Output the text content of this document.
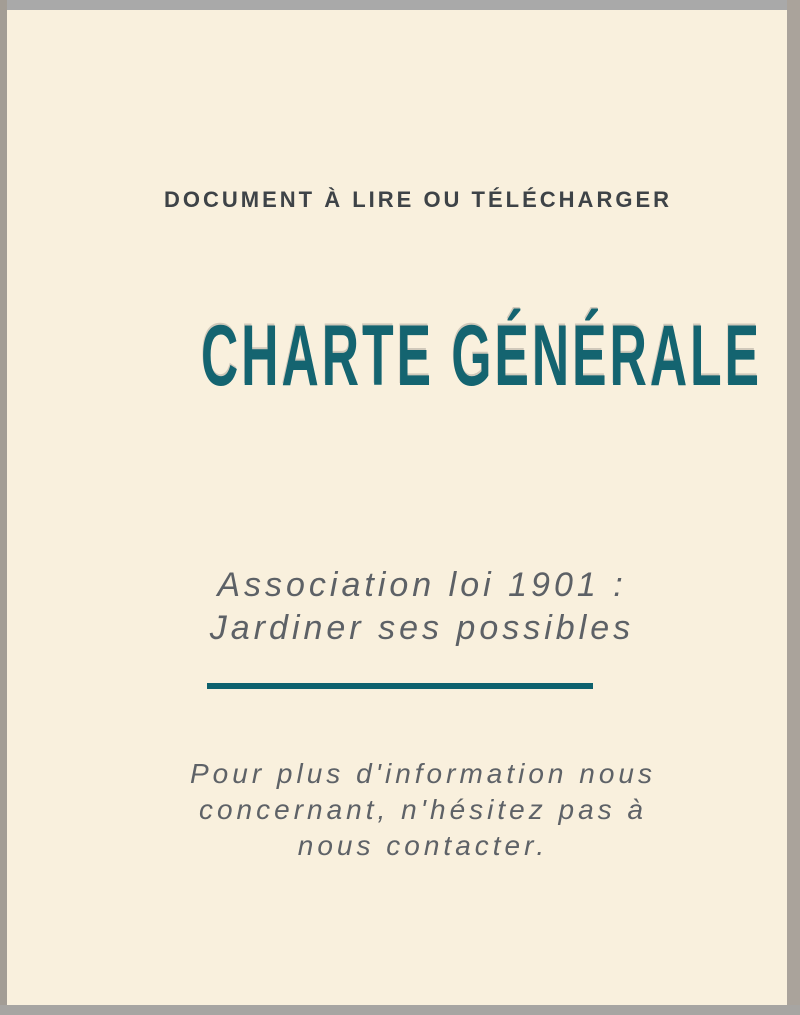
DOCUMENT À LIRE OU TÉLÉCHARGER
CHARTE GÉNÉRALE
Association loi 1901 :
Jardiner ses possibles
Pour plus d'information nous
concernant, n'hésitez pas à
nous contacter.
